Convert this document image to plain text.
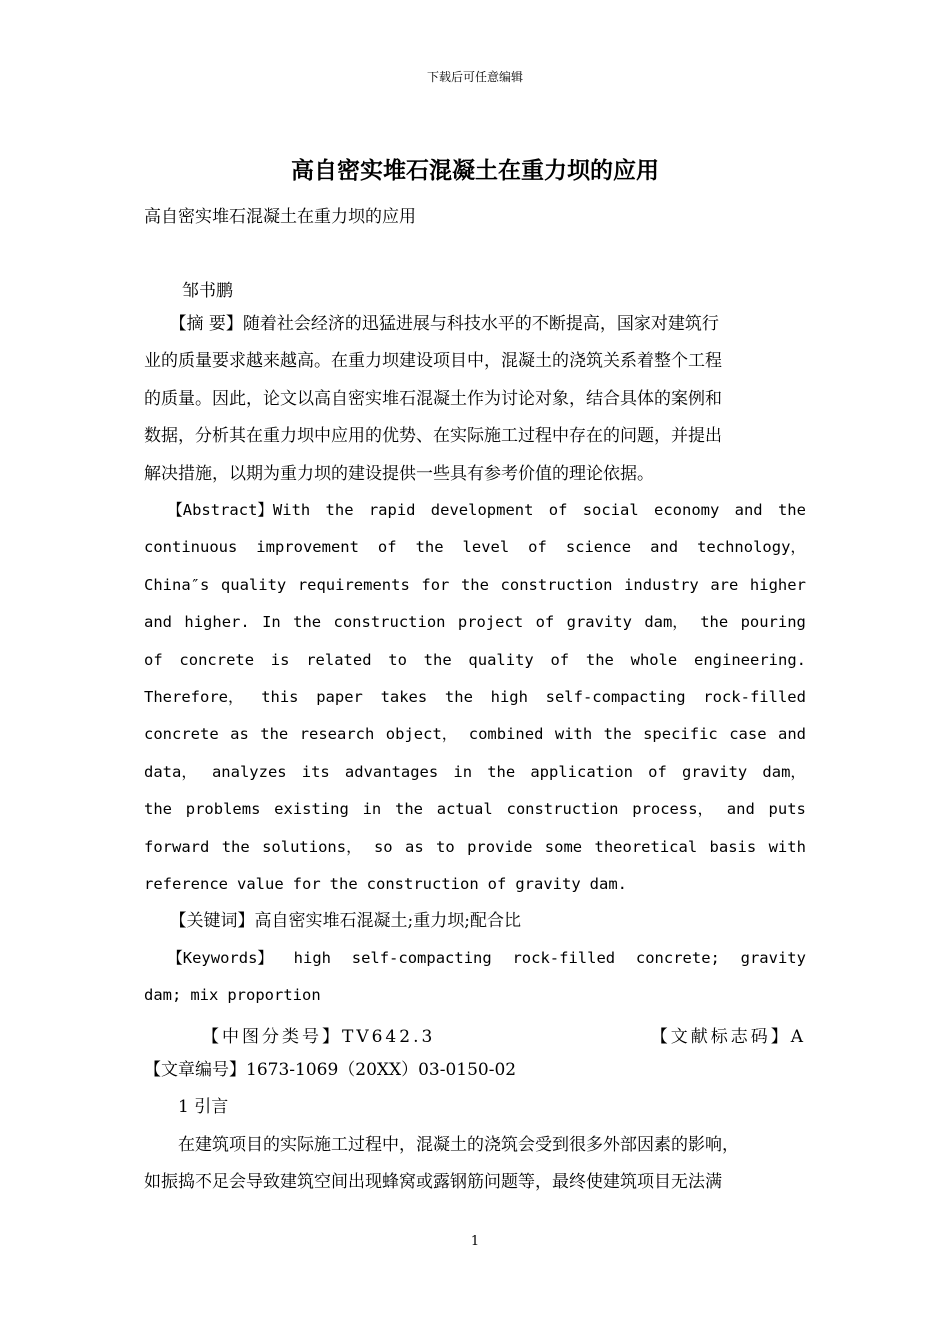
下载后可任意编辑
高自密实堆石混凝土在重力坝的应用
高自密实堆石混凝土在重力坝的应用
邹书鹏

　　【摘 要】随着社会经济的迅猛进展与科技水平的不断提高，国家对建筑行

业的质量要求越来越高。在重力坝建设项目中，混凝土的浇筑关系着整个工程

的质量。因此，论文以高自密实堆石混凝土作为讨论对象，结合具体的案例和

数据，分析其在重力坝中应用的优势、在实际施工过程中存在的问题，并提出

解决措施，以期为重力坝的建设提供一些具有参考价值的理论依据。

　　【Abstract】With the rapid development of social economy and the
continuous improvement of the level of science and technology，
China″s quality requirements for the construction industry are higher
and higher. In the construction project of gravity dam， the pouring
of concrete is related to the quality of the whole engineering.
Therefore， this paper takes the high self-compacting rock-filled
concrete as the research object， combined with the specific case and
data， analyzes its advantages in the application of gravity dam，
the problems existing in the actual construction process， and puts
forward the solutions， so as to provide some theoretical basis with
reference value for the construction of gravity dam.

　　【关键词】高自密实堆石混凝土;重力坝;配合比

　　【Keywords】 high self-compacting rock-filled concrete; gravity
dam; mix proportion
【中图分类号】TV642.3	【文献标志码】A

【文章编号】1673-1069（20XX）03-0150-02

　　1 引言

　　在建筑项目的实际施工过程中，混凝土的浇筑会受到很多外部因素的影响，

如振捣不足会导致建筑空间出现蜂窝或露钢筋问题等，最终使建筑项目无法满

1
